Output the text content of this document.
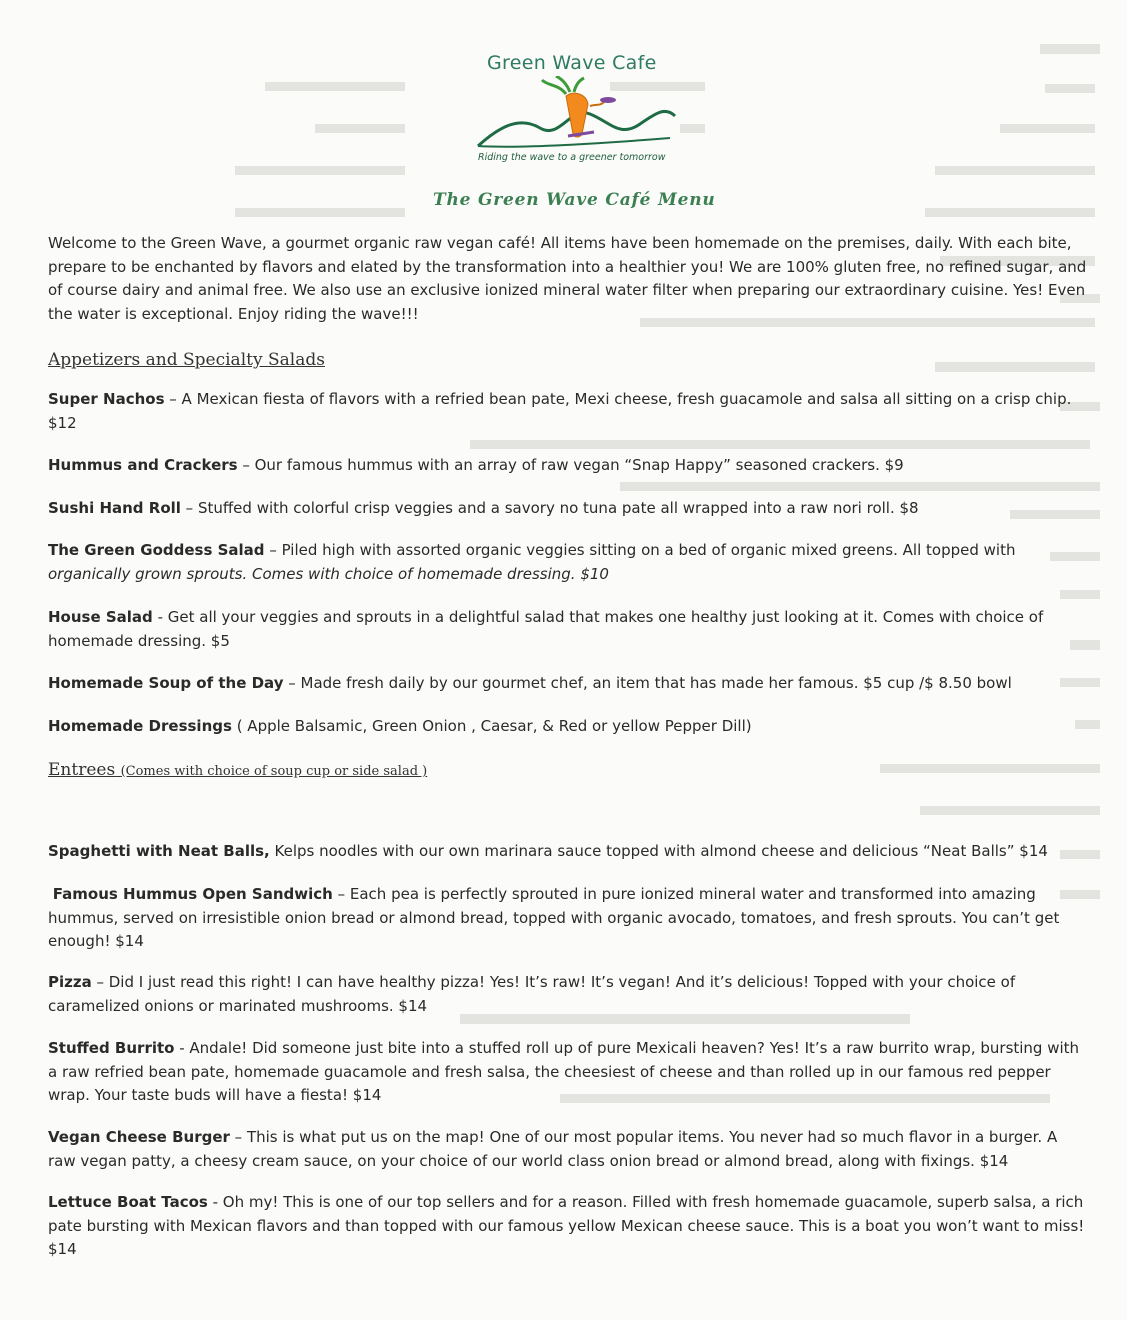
Green Wave Cafe
Riding the wave to a greener tomorrow
The Green Wave Café Menu
Welcome to the Green Wave, a gourmet organic raw vegan café! All items have been homemade on the premises, daily. With each bite, prepare to be enchanted by flavors and elated by the transformation into a healthier you! We are 100% gluten free, no refined sugar, and of course dairy and animal free. We also use an exclusive ionized mineral water filter when preparing our extraordinary cuisine. Yes! Even the water is exceptional. Enjoy riding the wave!!!
Appetizers and Specialty Salads
Super Nachos – A Mexican fiesta of flavors with a refried bean pate, Mexi cheese, fresh guacamole and salsa all sitting on a crisp chip. $12
Hummus and Crackers – Our famous hummus with an array of raw vegan “Snap Happy” seasoned crackers. $9
Sushi Hand Roll – Stuffed with colorful crisp veggies and a savory no tuna pate all wrapped into a raw nori roll. $8
The Green Goddess Salad – Piled high with assorted organic veggies sitting on a bed of organic mixed greens. All topped with
organically grown sprouts. Comes with choice of homemade dressing. $10
House Salad - Get all your veggies and sprouts in a delightful salad that makes one healthy just looking at it. Comes with choice of homemade dressing. $5
Homemade Soup of the Day – Made fresh daily by our gourmet chef, an item that has made her famous. $5 cup /$ 8.50 bowl
Homemade Dressings ( Apple Balsamic, Green Onion , Caesar, & Red or yellow Pepper Dill)
Entrees (Comes with choice of soup cup or side salad )
Spaghetti with Neat Balls, Kelps noodles with our own marinara sauce topped with almond cheese and delicious “Neat Balls” $14
Famous Hummus Open Sandwich – Each pea is perfectly sprouted in pure ionized mineral water and transformed into amazing hummus, served on irresistible onion bread or almond bread, topped with organic avocado, tomatoes, and fresh sprouts. You can’t get enough! $14
Pizza – Did I just read this right! I can have healthy pizza! Yes! It’s raw! It’s vegan! And it’s delicious! Topped with your choice of caramelized onions or marinated mushrooms. $14
Stuffed Burrito - Andale! Did someone just bite into a stuffed roll up of pure Mexicali heaven? Yes! It’s a raw burrito wrap, bursting with a raw refried bean pate, homemade guacamole and fresh salsa, the cheesiest of cheese and than rolled up in our famous red pepper wrap. Your taste buds will have a fiesta! $14
Vegan Cheese Burger – This is what put us on the map! One of our most popular items. You never had so much flavor in a burger. A raw vegan patty, a cheesy cream sauce, on your choice of our world class onion bread or almond bread, along with fixings. $14
Lettuce Boat Tacos - Oh my! This is one of our top sellers and for a reason. Filled with fresh homemade guacamole, superb salsa, a rich pate bursting with Mexican flavors and than topped with our famous yellow Mexican cheese sauce. This is a boat you won’t want to miss! $14
